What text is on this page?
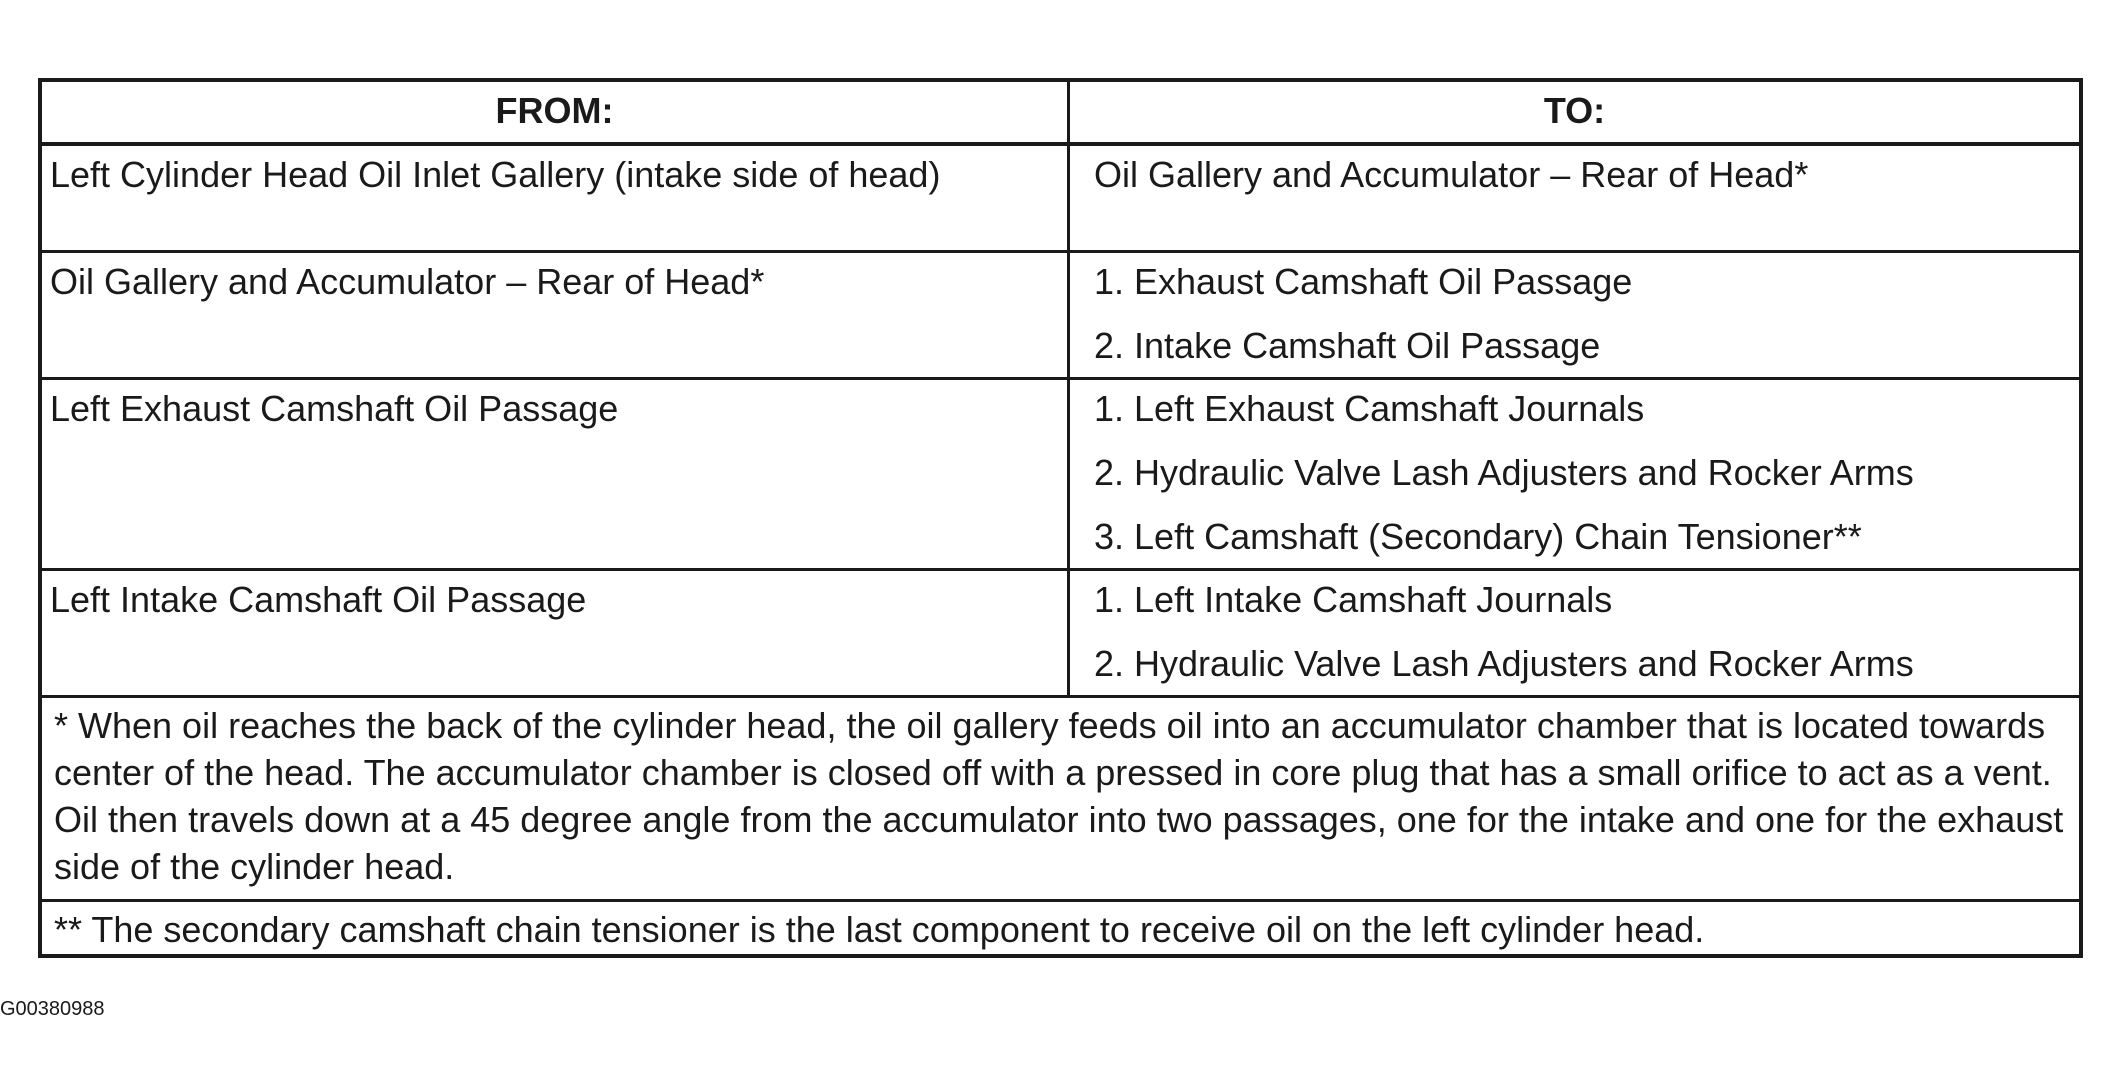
FROM:	TO:
Left Cylinder Head Oil Inlet Gallery (intake side of head)	Oil Gallery and Accumulator – Rear of Head*
Oil Gallery and Accumulator – Rear of Head*	1. Exhaust Camshaft Oil Passage
2. Intake Camshaft Oil Passage
Left Exhaust Camshaft Oil Passage	1. Left Exhaust Camshaft Journals
2. Hydraulic Valve Lash Adjusters and Rocker Arms
3. Left Camshaft (Secondary) Chain Tensioner**
Left Intake Camshaft Oil Passage	1. Left Intake Camshaft Journals
2. Hydraulic Valve Lash Adjusters and Rocker Arms
* When oil reaches the back of the cylinder head, the oil gallery feeds oil into an accumulator chamber that is located towards center of the head. The accumulator chamber is closed off with a pressed in core plug that has a small orifice to act as a vent. Oil then travels down at a 45 degree angle from the accumulator into two passages, one for the intake and one for the exhaust side of the cylinder head.
** The secondary camshaft chain tensioner is the last component to receive oil on the left cylinder head.
G00380988
